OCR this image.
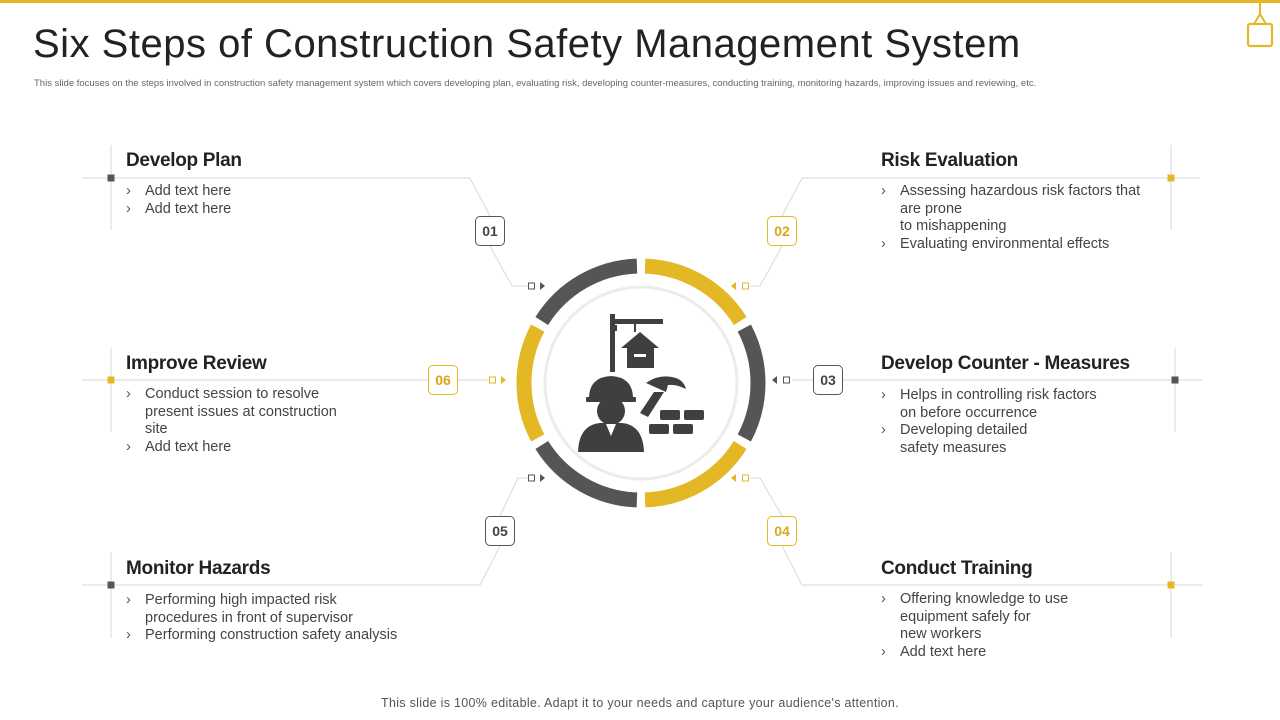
Six Steps of Construction Safety Management System

This slide focuses on the steps involved in construction safety management system which covers developing plan, evaluating risk, developing counter-measures, conducting training, monitoring hazards, improving issues and reviewing, etc.

01	02
03
04
05
06
Develop Plan
› Add text here
› Add text here
Risk Evaluation
› Assessing hazardous risk factors that are prone
to mishappening
› Evaluating environmental effects
Develop Counter - Measures
› Helps in controlling risk factors on before occurrence
› Developing detailed
safety measures
Conduct Training
› Offering knowledge to use equipment safely for
new workers
› Add text here
Monitor Hazards
› Performing high impacted risk procedures in front of supervisor
› Performing construction safety analysis
Improve Review
› Conduct session to resolve present issues at construction site
› Add text here

This slide is 100% editable. Adapt it to your needs and capture your audience's attention.
